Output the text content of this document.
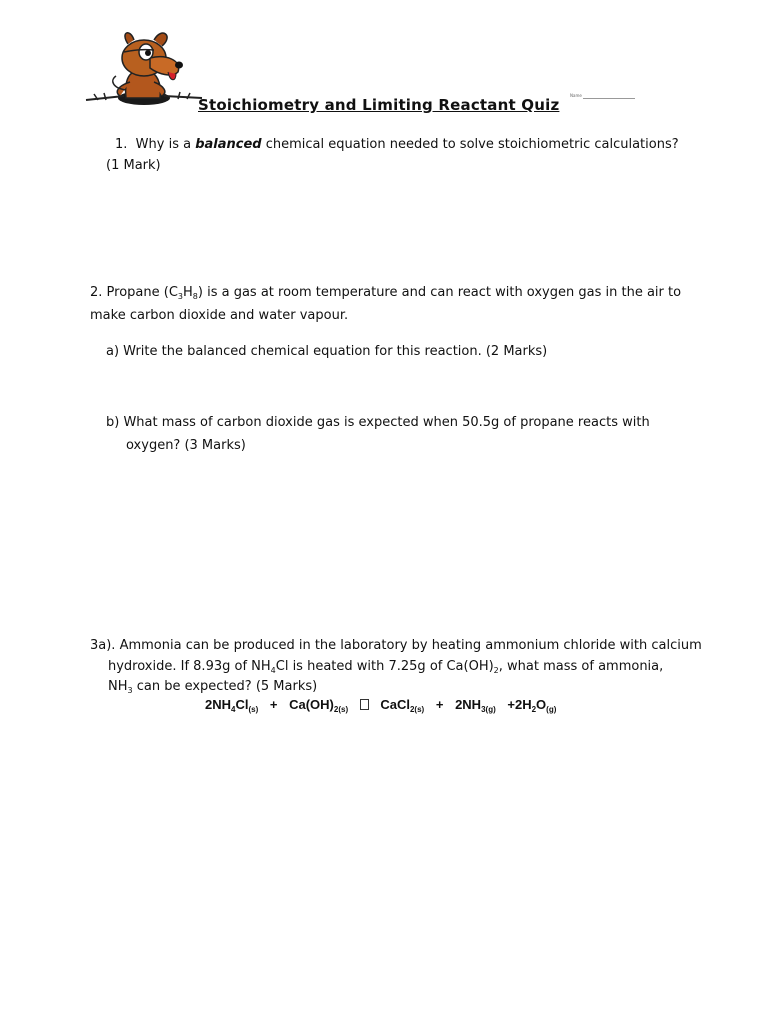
Stoichiometry and Limiting Reactant Quiz
Name
1. Why is a balanced chemical equation needed to solve stoichiometric calculations?
(1 Mark)
2. Propane $(C_3H_8)$ is a gas at room temperature and can react with oxygen gas in the air to
make carbon dioxide and water vapour.
a) Write the balanced chemical equation for this reaction. (2 Marks)
b) What mass of carbon dioxide gas is expected when 50.5g of propane reacts with
oxygen? (3 Marks)
3a). Ammonia can be produced in the laboratory by heating ammonium chloride with calcium
hydroxide. If 8.93g of $NH_4Cl$ is heated with 7.25g of $Ca(OH)_2$, what mass of ammonia,
$NH_3$ can be expected? (5 Marks)
$2NH_4Cl_{(s)} + Ca(OH)_{2(s)}$ CaCl$_{2(s)}$ + $2NH_{3(g)} +2H_2O_{(g)}$
